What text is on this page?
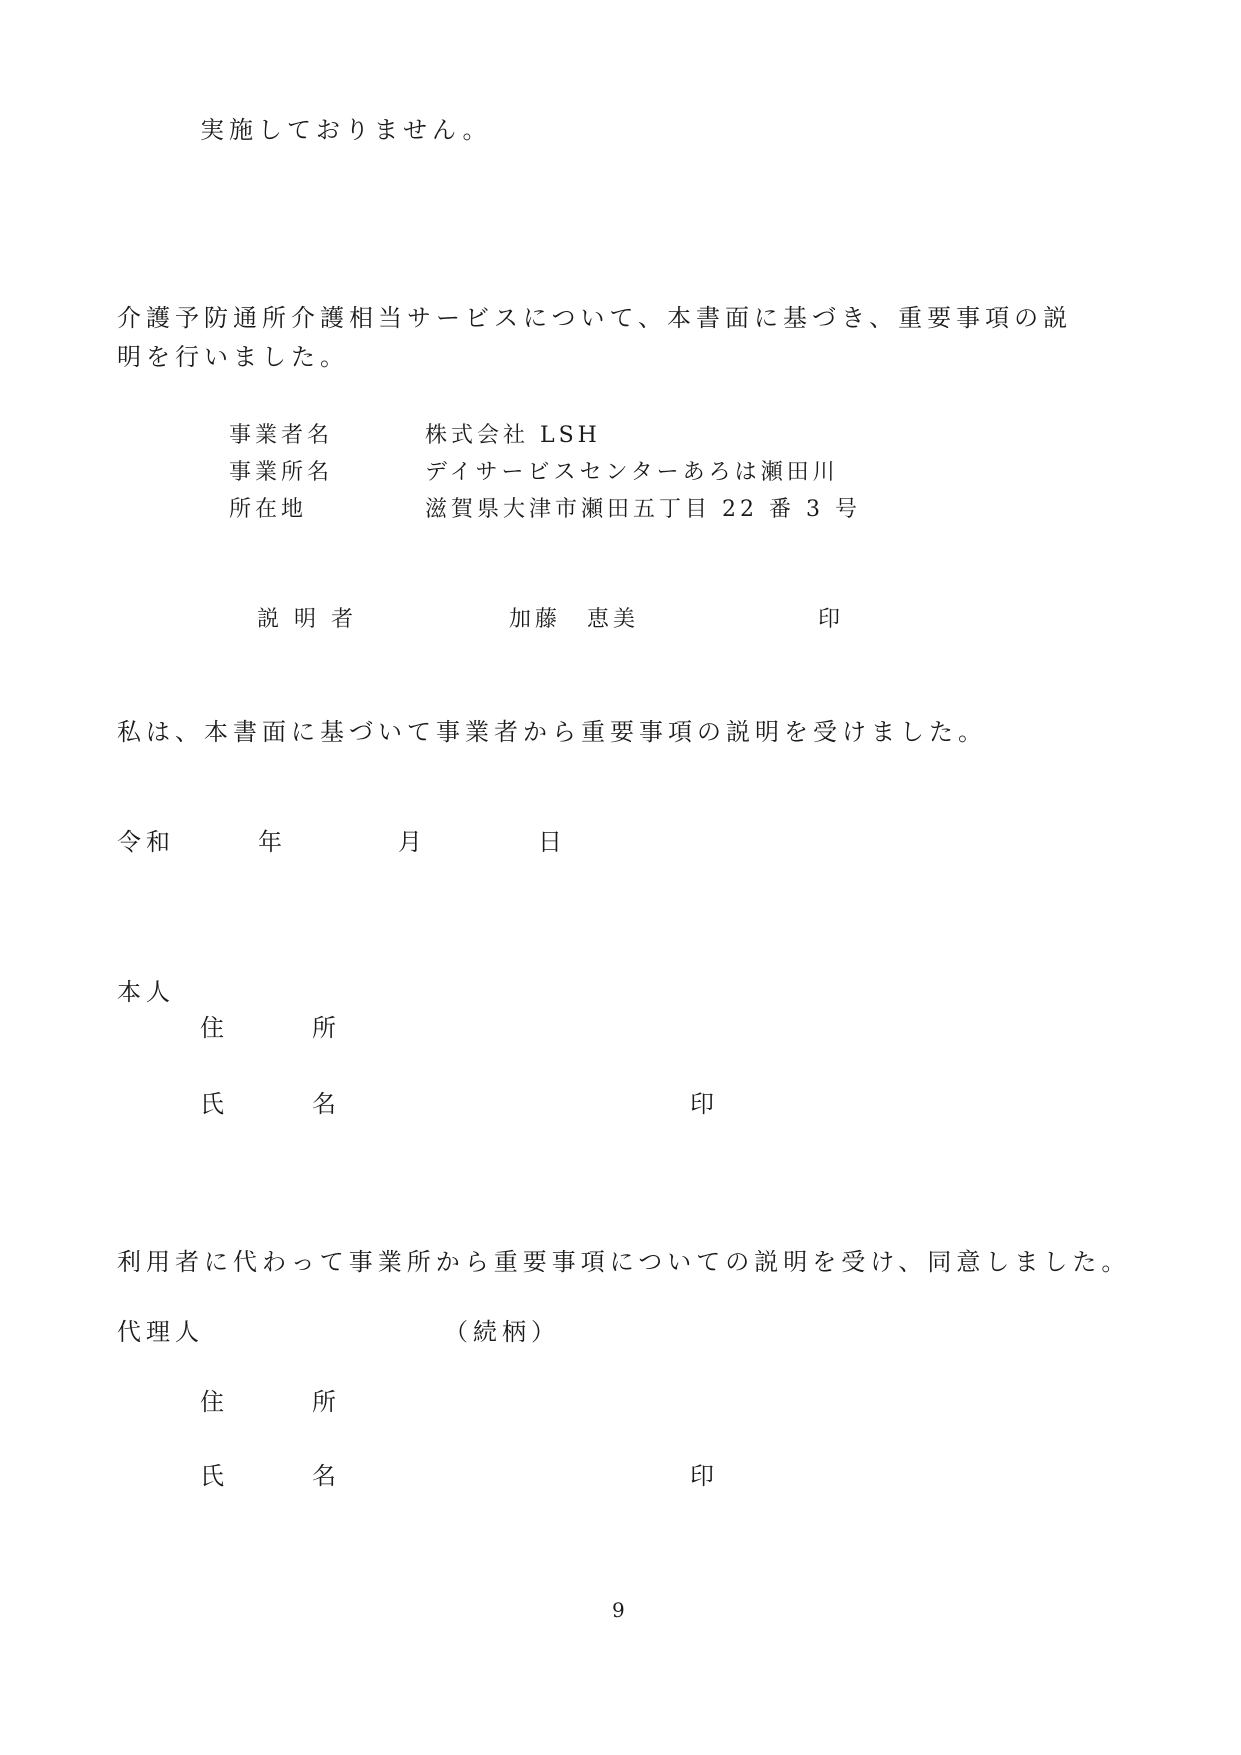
実施しておりません。
介護予防通所介護相当サービスについて、本書面に基づき、重要事項の説
明を行いました。
事業者名	株式会社 LSH
事業所名	デイサービスセンターあろは瀬田川
所在地	滋賀県大津市瀬田五丁目 22 番 3 号
説 明 者	加藤　恵美	印
私は、本書面に基づいて事業者から重要事項の説明を受けました。
令和	年	月	日
本人
住	所
氏	名	印
利用者に代わって事業所から重要事項についての説明を受け、同意しました。
代理人	（続柄）
住	所
氏	名	印
9
